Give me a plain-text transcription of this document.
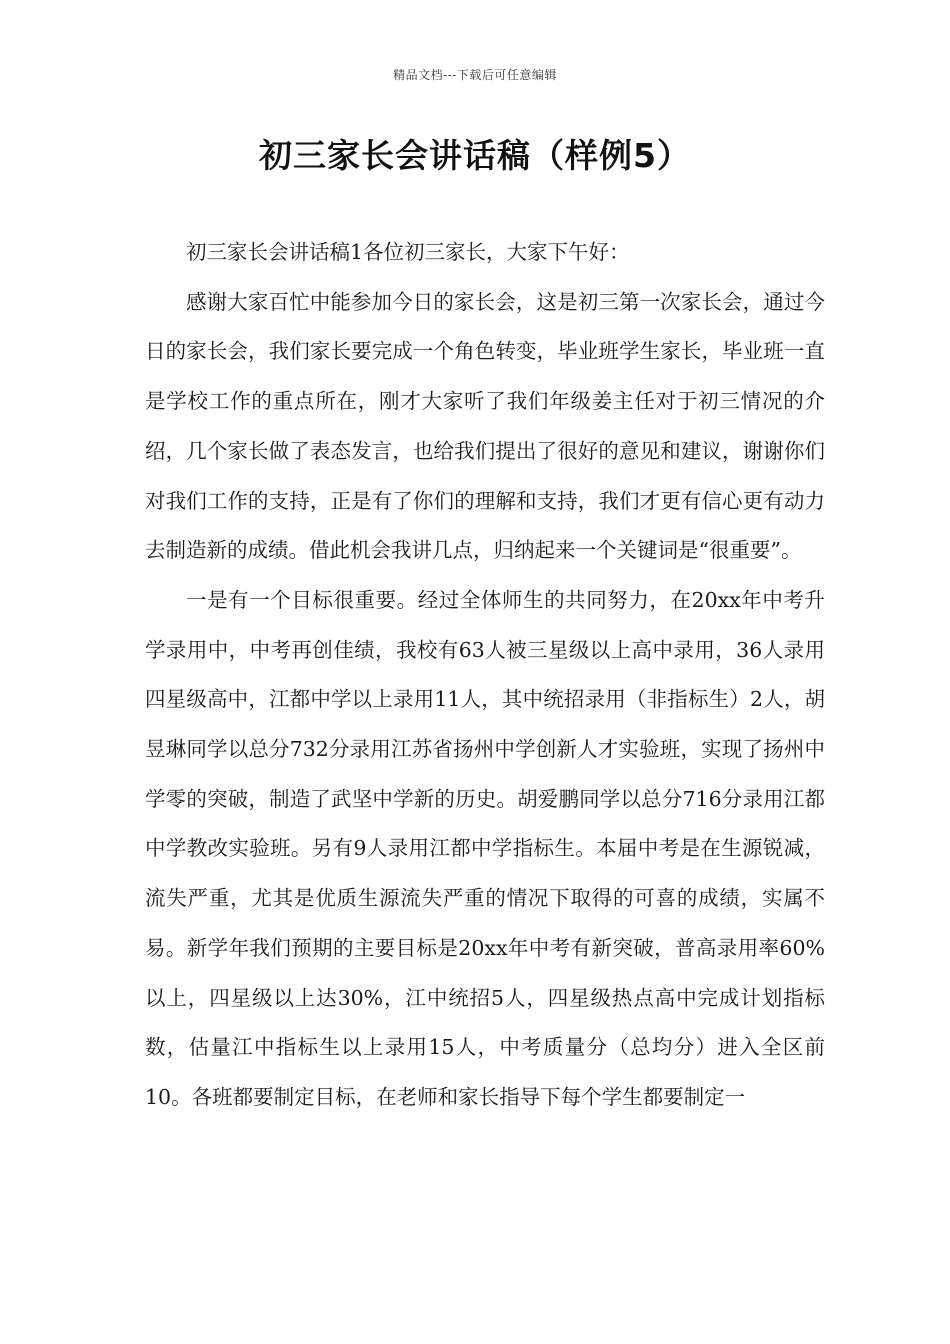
精品文档---下载后可任意编辑
初三家长会讲话稿（样例5）

初三家长会讲话稿1各位初三家长，大家下午好：

感谢大家百忙中能参加今日的家长会，这是初三第一次家长会，通过今日的家长会，我们家长要完成一个角色转变，毕业班学生家长，毕业班一直是学校工作的重点所在，刚才大家听了我们年级姜主任对于初三情况的介绍，几个家长做了表态发言，也给我们提出了很好的意见和建议，谢谢你们对我们工作的支持，正是有了你们的理解和支持，我们才更有信心更有动力去制造新的成绩。借此机会我讲几点，归纳起来一个关键词是“很重要”。

一是有一个目标很重要。经过全体师生的共同努力，在20xx年中考升学录用中，中考再创佳绩，我校有63人被三星级以上高中录用，36人录用四星级高中，江都中学以上录用11人，其中统招录用（非指标生）2人，胡昱琳同学以总分732分录用江苏省扬州中学创新人才实验班，实现了扬州中学零的突破，制造了武坚中学新的历史。胡爱鹏同学以总分716分录用江都中学教改实验班。另有9人录用江都中学指标生。本届中考是在生源锐减，流失严重，尤其是优质生源流失严重的情况下取得的可喜的成绩，实属不易。新学年我们预期的主要目标是20xx年中考有新突破，普高录用率60%以上，四星级以上达30%，江中统招5人，四星级热点高中完成计划指标数，估量江中指标生以上录用15人，中考质量分（总均分）进入全区前10。各班都要制定目标，在老师和家长指导下每个学生都要制定一
